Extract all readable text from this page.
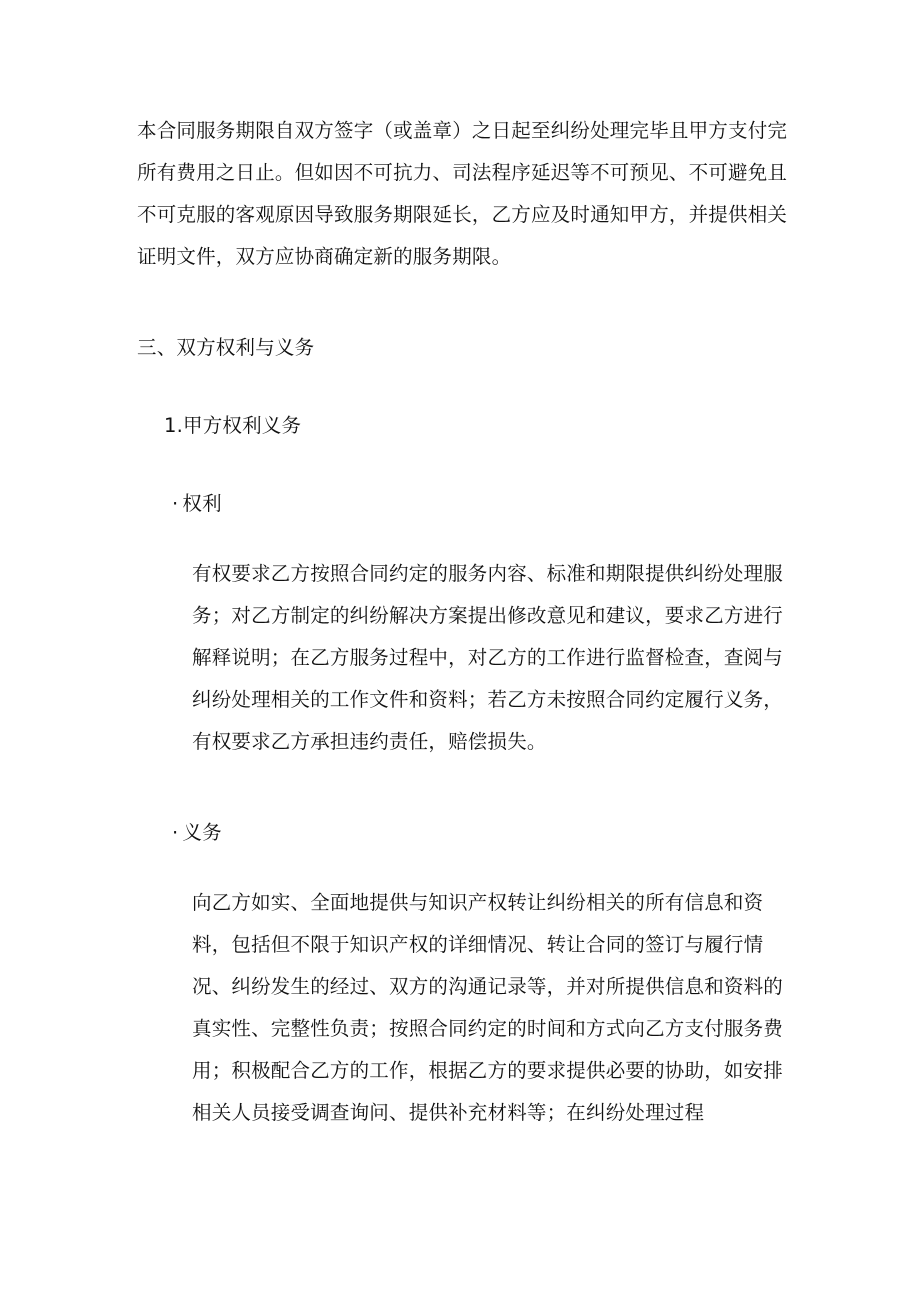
本合同服务期限自双方签字（或盖章）之日起至纠纷处理完毕且甲方支付完所有费用之日止。但如因不可抗力、司法程序延迟等不可预见、不可避免且不可克服的客观原因导致服务期限延长，乙方应及时通知甲方，并提供相关证明文件，双方应协商确定新的服务期限。

三、双方权利与义务

1.甲方权利义务

· 权利

有权要求乙方按照合同约定的服务内容、标准和期限提供纠纷处理服务；对乙方制定的纠纷解决方案提出修改意见和建议，要求乙方进行解释说明；在乙方服务过程中，对乙方的工作进行监督检查，查阅与纠纷处理相关的工作文件和资料；若乙方未按照合同约定履行义务，有权要求乙方承担违约责任，赔偿损失。

· 义务

向乙方如实、全面地提供与知识产权转让纠纷相关的所有信息和资料，包括但不限于知识产权的详细情况、转让合同的签订与履行情况、纠纷发生的经过、双方的沟通记录等，并对所提供信息和资料的真实性、完整性负责；按照合同约定的时间和方式向乙方支付服务费用；积极配合乙方的工作，根据乙方的要求提供必要的协助，如安排相关人员接受调查询问、提供补充材料等；在纠纷处理过程
